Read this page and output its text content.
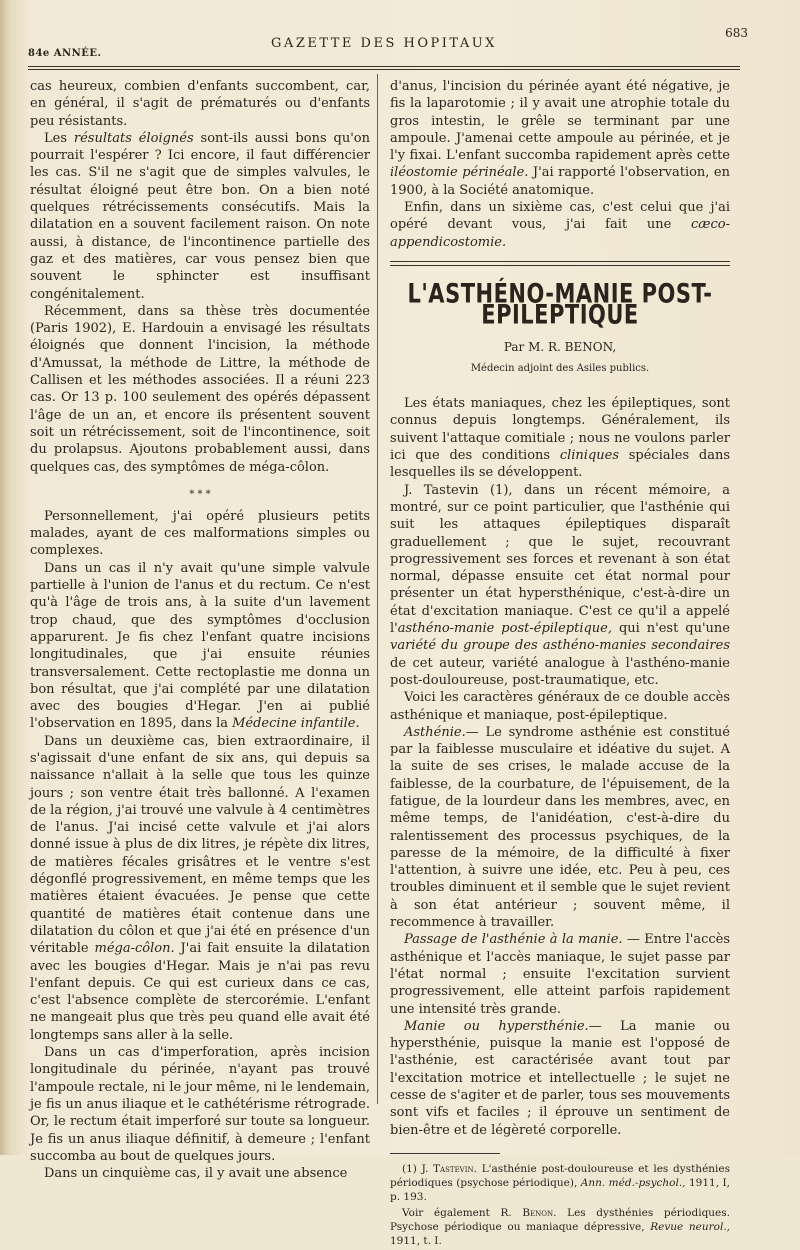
84e ANNÉE.
GAZETTE DES HOPITAUX
683

cas heureux, combien d'enfants succombent, car, en général, il s'agit de prématurés ou d'enfants peu résistants.

Les résultats éloignés sont-ils aussi bons qu'on pourrait l'espérer ? Ici encore, il faut différencier les cas. S'il ne s'agit que de simples valvules, le résultat éloigné peut être bon. On a bien noté quelques rétrécissements consécutifs. Mais la dilatation en a souvent facilement raison. On note aussi, à distance, de l'incontinence partielle des gaz et des matières, car vous pensez bien que souvent le sphincter est insuffisant congénitalement.

Récemment, dans sa thèse très documentée (Paris 1902), E. Hardouin a envisagé les résultats éloignés que donnent l'incision, la méthode d'Amussat, la méthode de Littre, la méthode de Callisen et les méthodes associées. Il a réuni 223 cas. Or 13 p. 100 seulement des opérés dépassent l'âge de un an, et encore ils présentent souvent soit un rétrécissement, soit de l'incontinence, soit du prolapsus. Ajoutons probablement aussi, dans quelques cas, des symptômes de méga-côlon.

* * *

Personnellement, j'ai opéré plusieurs petits malades, ayant de ces malformations simples ou complexes.

Dans un cas il n'y avait qu'une simple valvule partielle à l'union de l'anus et du rectum. Ce n'est qu'à l'âge de trois ans, à la suite d'un lavement trop chaud, que des symptômes d'occlusion apparurent. Je fis chez l'enfant quatre incisions longitudinales, que j'ai ensuite réunies transversalement. Cette rectoplastie me donna un bon résultat, que j'ai complété par une dilatation avec des bougies d'Hegar. J'en ai publié l'observation en 1895, dans la Médecine infantile.

Dans un deuxième cas, bien extraordinaire, il s'agissait d'une enfant de six ans, qui depuis sa naissance n'allait à la selle que tous les quinze jours ; son ventre était très ballonné. A l'examen de la région, j'ai trouvé une valvule à 4 centimètres de l'anus. J'ai incisé cette valvule et j'ai alors donné issue à plus de dix litres, je répète dix litres, de matières fécales grisâtres et le ventre s'est dégonflé progressivement, en même temps que les matières étaient évacuées. Je pense que cette quantité de matières était contenue dans une dilatation du côlon et que j'ai été en présence d'un véritable méga-côlon. J'ai fait ensuite la dilatation avec les bougies d'Hegar. Mais je n'ai pas revu l'enfant depuis. Ce qui est curieux dans ce cas, c'est l'absence complète de stercorémie. L'enfant ne mangeait plus que très peu quand elle avait été longtemps sans aller à la selle.

Dans un cas d'imperforation, après incision longitudinale du périnée, n'ayant pas trouvé l'ampoule rectale, ni le jour même, ni le lendemain, je fis un anus iliaque et le cathétérisme rétrograde. Or, le rectum était imperforé sur toute sa longueur. Je fis un anus iliaque définitif, à demeure ; l'enfant succomba au bout de quelques jours.

Dans un cinquième cas, il y avait une absence

d'anus, l'incision du périnée ayant été négative, je fis la laparotomie ; il y avait une atrophie totale du gros intestin, le grêle se terminant par une ampoule. J'amenai cette ampoule au périnée, et je l'y fixai. L'enfant succomba rapidement après cette iléostomie périnéale. J'ai rapporté l'observation, en 1900, à la Société anatomique.

Enfin, dans un sixième cas, c'est celui que j'ai opéré devant vous, j'ai fait une cæco-appendicostomie.

L'ASTHÉNO-MANIE POST-ÉPILEPTIQUE
Par M. R. BENON,
Médecin adjoint des Asiles publics.

Les états maniaques, chez les épileptiques, sont connus depuis longtemps. Généralement, ils suivent l'attaque comitiale ; nous ne voulons parler ici que des conditions cliniques spéciales dans lesquelles ils se développent.

J. Tastevin (1), dans un récent mémoire, a montré, sur ce point particulier, que l'asthénie qui suit les attaques épileptiques disparaît graduellement ; que le sujet, recouvrant progressivement ses forces et revenant à son état normal, dépasse ensuite cet état normal pour présenter un état hypersthénique, c'est-à-dire un état d'excitation maniaque. C'est ce qu'il a appelé l'asthéno-manie post-épileptique, qui n'est qu'une variété du groupe des asthéno-manies secondaires de cet auteur, variété analogue à l'asthéno-manie post-douloureuse, post-traumatique, etc.

Voici les caractères généraux de ce double accès asthénique et maniaque, post-épileptique.

Asthénie.— Le syndrome asthénie est constitué par la faiblesse musculaire et idéative du sujet. A la suite de ses crises, le malade accuse de la faiblesse, de la courbature, de l'épuisement, de la fatigue, de la lourdeur dans les membres, avec, en même temps, de l'anidéation, c'est-à-dire du ralentissement des processus psychiques, de la paresse de la mémoire, de la difficulté à fixer l'attention, à suivre une idée, etc. Peu à peu, ces troubles diminuent et il semble que le sujet revient à son état antérieur ; souvent même, il recommence à travailler.

Passage de l'asthénie à la manie. — Entre l'accès asthénique et l'accès maniaque, le sujet passe par l'état normal ; ensuite l'excitation survient progressivement, elle atteint parfois rapidement une intensité très grande.

Manie ou hypersthénie.— La manie ou hypersthénie, puisque la manie est l'opposé de l'asthénie, est caractérisée avant tout par l'excitation motrice et intellectuelle ; le sujet ne cesse de s'agiter et de parler, tous ses mouvements sont vifs et faciles ; il éprouve un sentiment de bien-être et de légèreté corporelle.

(1) J. Tastevin. L'asthénie post-douloureuse et les dysthénies périodiques (psychose périodique), Ann. méd.-psychol., 1911, I, p. 193.

Voir également R. Benon. Les dysthénies périodiques. Psychose périodique ou maniaque dépressive, Revue neurol., 1911, t. I.
